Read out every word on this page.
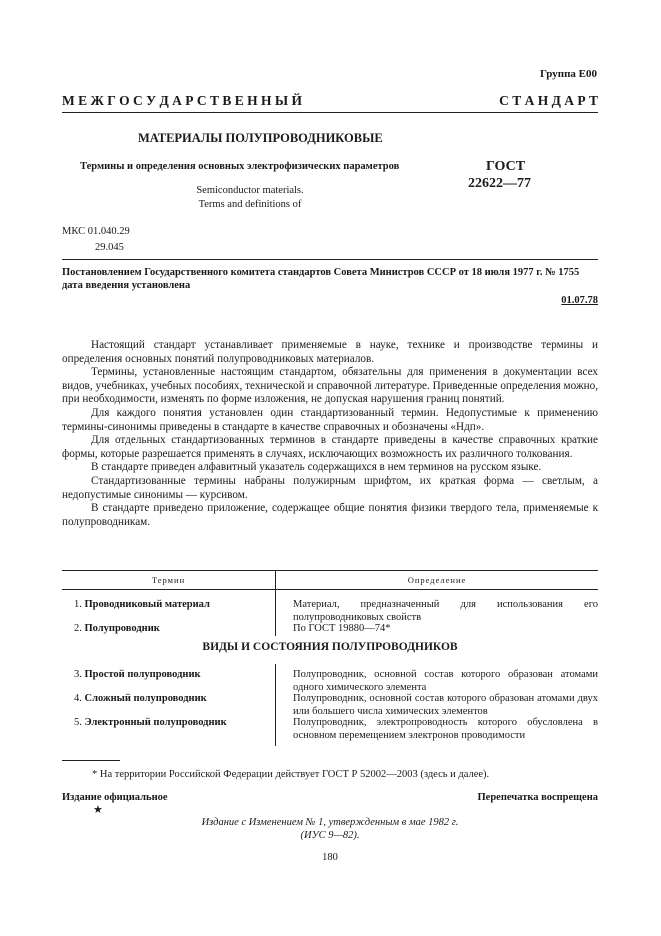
Группа Е00
М Е Ж Г О С У Д А Р С Т В Е Н Н Ы Й	С Т А Н Д А Р Т
МАТЕРИАЛЫ ПОЛУПРОВОДНИКОВЫЕ
Термины и определения основных электрофизических параметров
Semiconductor materials.
Terms and definitions of
ГОСТ
22622—77
МКС 01.040.29
29.045
Постановлением Государственного комитета стандартов Совета Министров СССР от 18 июля 1977 г. № 1755 дата введения установлена
01.07.78

Настоящий стандарт устанавливает применяемые в науке, технике и производстве термины и определения основных понятий полупроводниковых материалов.

Термины, установленные настоящим стандартом, обязательны для применения в документации всех видов, учебниках, учебных пособиях, технической и справочной литературе. Приведенные определения можно, при необходимости, изменять по форме изложения, не допуская нарушения границ понятий.

Для каждого понятия установлен один стандартизованный термин. Недопустимые к применению термины-синонимы приведены в стандарте в качестве справочных и обозначены «Ндп».

Для отдельных стандартизованных терминов в стандарте приведены в качестве справочных краткие формы, которые разрешается применять в случаях, исключающих возможность их различного толкования.

В стандарте приведен алфавитный указатель содержащихся в нем терминов на русском языке.

Стандартизованные термины набраны полужирным шрифтом, их краткая форма — светлым, а недопустимые синонимы — курсивом.

В стандарте приведено приложение, содержащее общие понятия физики твердого тела, применяемые к полупроводникам.

Термин	Определение
1. Проводниковый материал	Материал, предназначенный для использования его полупроводниковых свойств
2. Полупроводник	По ГОСТ 19880—74*
ВИДЫ И СОСТОЯНИЯ ПОЛУПРОВОДНИКОВ
3. Простой полупроводник	Полупроводник, основной состав которого образован атомами одного химического элемента
4. Сложный полупроводник	Полупроводник, основной состав которого образован атомами двух или большего числа химических элементов
5. Электронный полупроводник	Полупроводник, электропроводность которого обусловлена в основном перемещением электронов проводимости
* На территории Российской Федерации действует ГОСТ Р 52002—2003 (здесь и далее).
Издание официальное
★
Перепечатка воспрещена
Издание с Изменением № 1, утвержденным в мае 1982 г.
(ИУС 9—82).
180
